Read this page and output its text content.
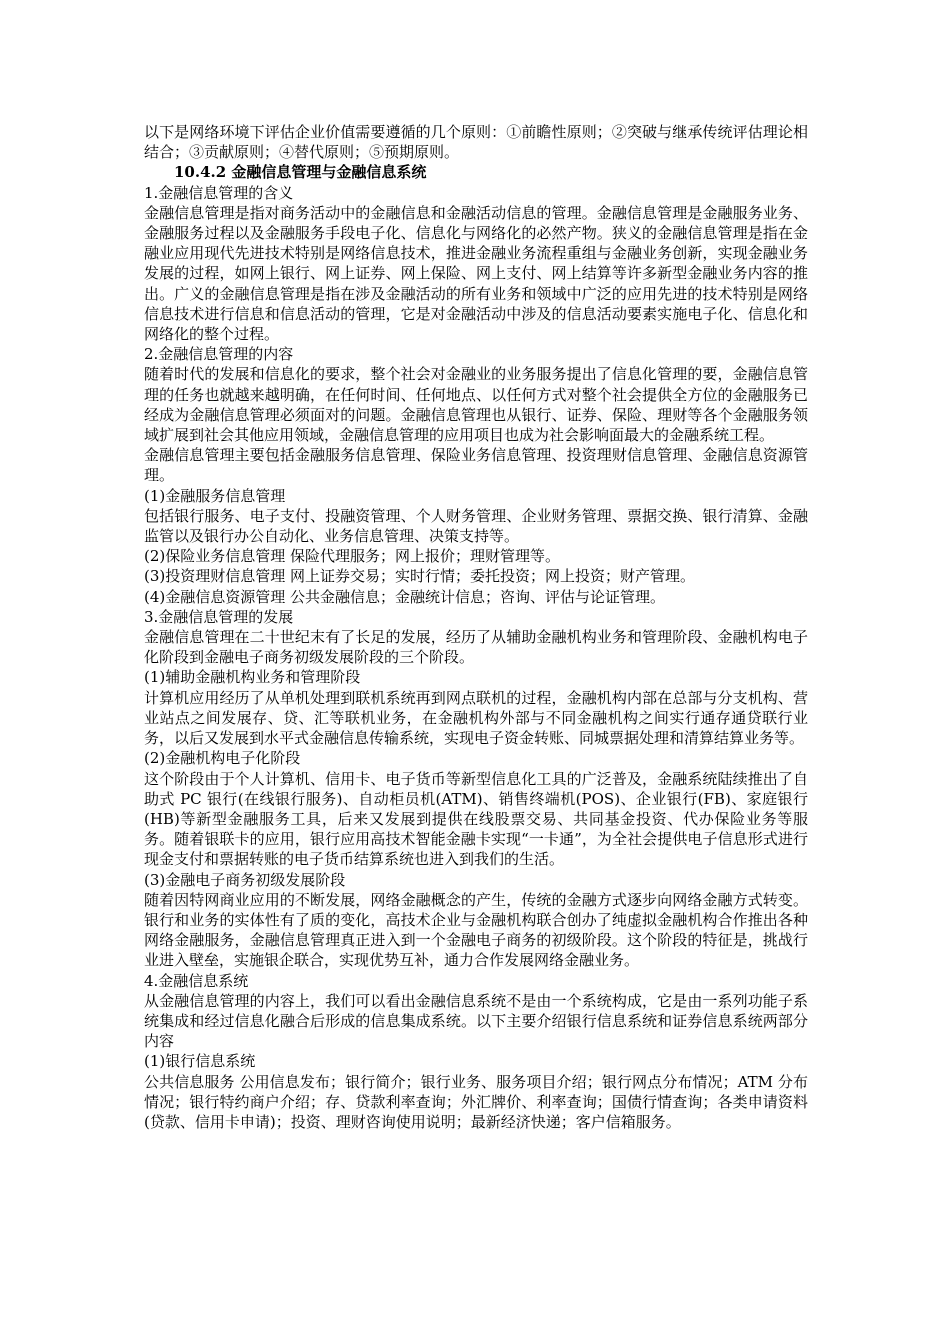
以下是网络环境下评估企业价值需要遵循的几个原则：①前瞻性原则；②突破与继承传统评估理论相结合；③贡献原则；④替代原则；⑤预期原则。

10.4.2 金融信息管理与金融信息系统

1.金融信息管理的含义

金融信息管理是指对商务活动中的金融信息和金融活动信息的管理。金融信息管理是金融服务业务、金融服务过程以及金融服务手段电子化、信息化与网络化的必然产物。狭义的金融信息管理是指在金融业应用现代先进技术特别是网络信息技术，推进金融业务流程重组与金融业务创新，实现金融业务发展的过程，如网上银行、网上证券、网上保险、网上支付、网上结算等许多新型金融业务内容的推出。广义的金融信息管理是指在涉及金融活动的所有业务和领域中广泛的应用先进的技术特别是网络信息技术进行信息和信息活动的管理，它是对金融活动中涉及的信息活动要素实施电子化、信息化和网络化的整个过程。

2.金融信息管理的内容

随着时代的发展和信息化的要求，整个社会对金融业的业务服务提出了信息化管理的要，金融信息管理的任务也就越来越明确，在任何时间、任何地点、以任何方式对整个社会提供全方位的金融服务已经成为金融信息管理必须面对的问题。金融信息管理也从银行、证券、保险、理财等各个金融服务领域扩展到社会其他应用领域，金融信息管理的应用项目也成为社会影响面最大的金融系统工程。

金融信息管理主要包括金融服务信息管理、保险业务信息管理、投资理财信息管理、金融信息资源管理。

(1)金融服务信息管理

包括银行服务、电子支付、投融资管理、个人财务管理、企业财务管理、票据交换、银行清算、金融监管以及银行办公自动化、业务信息管理、决策支持等。

(2)保险业务信息管理 保险代理服务；网上报价；理财管理等。

(3)投资理财信息管理 网上证券交易；实时行情；委托投资；网上投资；财产管理。

(4)金融信息资源管理 公共金融信息；金融统计信息；咨询、评估与论证管理。

3.金融信息管理的发展

金融信息管理在二十世纪末有了长足的发展，经历了从辅助金融机构业务和管理阶段、金融机构电子化阶段到金融电子商务初级发展阶段的三个阶段。

(1)辅助金融机构业务和管理阶段

计算机应用经历了从单机处理到联机系统再到网点联机的过程，金融机构内部在总部与分支机构、营业站点之间发展存、贷、汇等联机业务，在金融机构外部与不同金融机构之间实行通存通贷联行业务，以后又发展到水平式金融信息传输系统，实现电子资金转账、同城票据处理和清算结算业务等。

(2)金融机构电子化阶段

这个阶段由于个人计算机、信用卡、电子货币等新型信息化工具的广泛普及，金融系统陆续推出了自助式 PC 银行(在线银行服务)、自动柜员机(ATM)、销售终端机(POS)、企业银行(FB)、家庭银行(HB)等新型金融服务工具，后来又发展到提供在线股票交易、共同基金投资、代办保险业务等服务。随着银联卡的应用，银行应用高技术智能金融卡实现“一卡通”，为全社会提供电子信息形式进行现金支付和票据转账的电子货币结算系统也进入到我们的生活。

(3)金融电子商务初级发展阶段

随着因特网商业应用的不断发展，网络金融概念的产生，传统的金融方式逐步向网络金融方式转变。银行和业务的实体性有了质的变化，高技术企业与金融机构联合创办了纯虚拟金融机构合作推出各种网络金融服务，金融信息管理真正进入到一个金融电子商务的初级阶段。这个阶段的特征是，挑战行业进入壁垒，实施银企联合，实现优势互补，通力合作发展网络金融业务。

4.金融信息系统

从金融信息管理的内容上，我们可以看出金融信息系统不是由一个系统构成，它是由一系列功能子系统集成和经过信息化融合后形成的信息集成系统。以下主要介绍银行信息系统和证券信息系统两部分内容

(1)银行信息系统

公共信息服务 公用信息发布；银行简介；银行业务、服务项目介绍；银行网点分布情况；ATM 分布情况；银行特约商户介绍；存、贷款利率查询；外汇牌价、利率查询；国债行情查询；各类申请资料(贷款、信用卡申请)；投资、理财咨询使用说明；最新经济快递；客户信箱服务。
